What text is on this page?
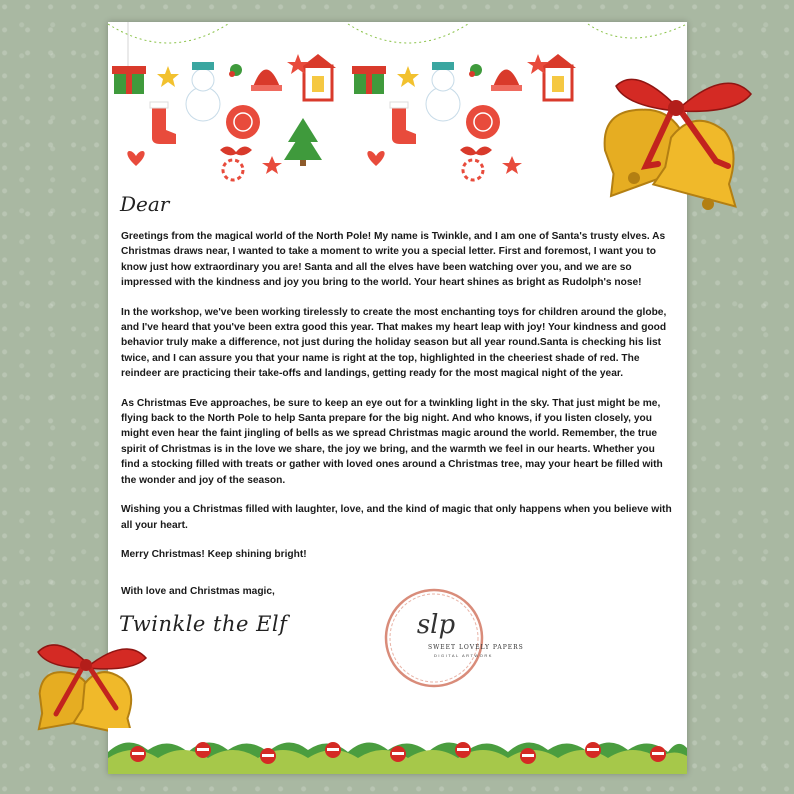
Dear

Greetings from the magical world of the North Pole! My name is Twinkle, and I am one of Santa's trusty elves. As Christmas draws near, I wanted to take a moment to write you a special letter. First and foremost, I want you to know just how extraordinary you are! Santa and all the elves have been watching over you, and we are so impressed with the kindness and joy you bring to the world. Your heart shines as bright as Rudolph's nose!

In the workshop, we've been working tirelessly to create the most enchanting toys for children around the globe, and I've heard that you've been extra good this year. That makes my heart leap with joy! Your kindness and good behavior truly make a difference, not just during the holiday season but all year round.Santa is checking his list twice, and I can assure you that your name is right at the top, highlighted in the cheeriest shade of red. The reindeer are practicing their take-offs and landings, getting ready for the most magical night of the year.

As Christmas Eve approaches, be sure to keep an eye out for a twinkling light in the sky. That just might be me, flying back to the North Pole to help Santa prepare for the big night. And who knows, if you listen closely, you might even hear the faint jingling of bells as we spread Christmas magic around the world. Remember, the true spirit of Christmas is in the love we share, the joy we bring, and the warmth we feel in our hearts. Whether you find a stocking filled with treats or gather with loved ones around a Christmas tree, may your heart be filled with the wonder and joy of the season.

Wishing you a Christmas filled with laughter, love, and the kind of magic that only happens when you believe with all your heart.

Merry Christmas! Keep shining bright!

With love and Christmas magic,
Twinkle the Elf	slp
SWEET LOVELY PAPERS
DIGITAL ARTWORK
